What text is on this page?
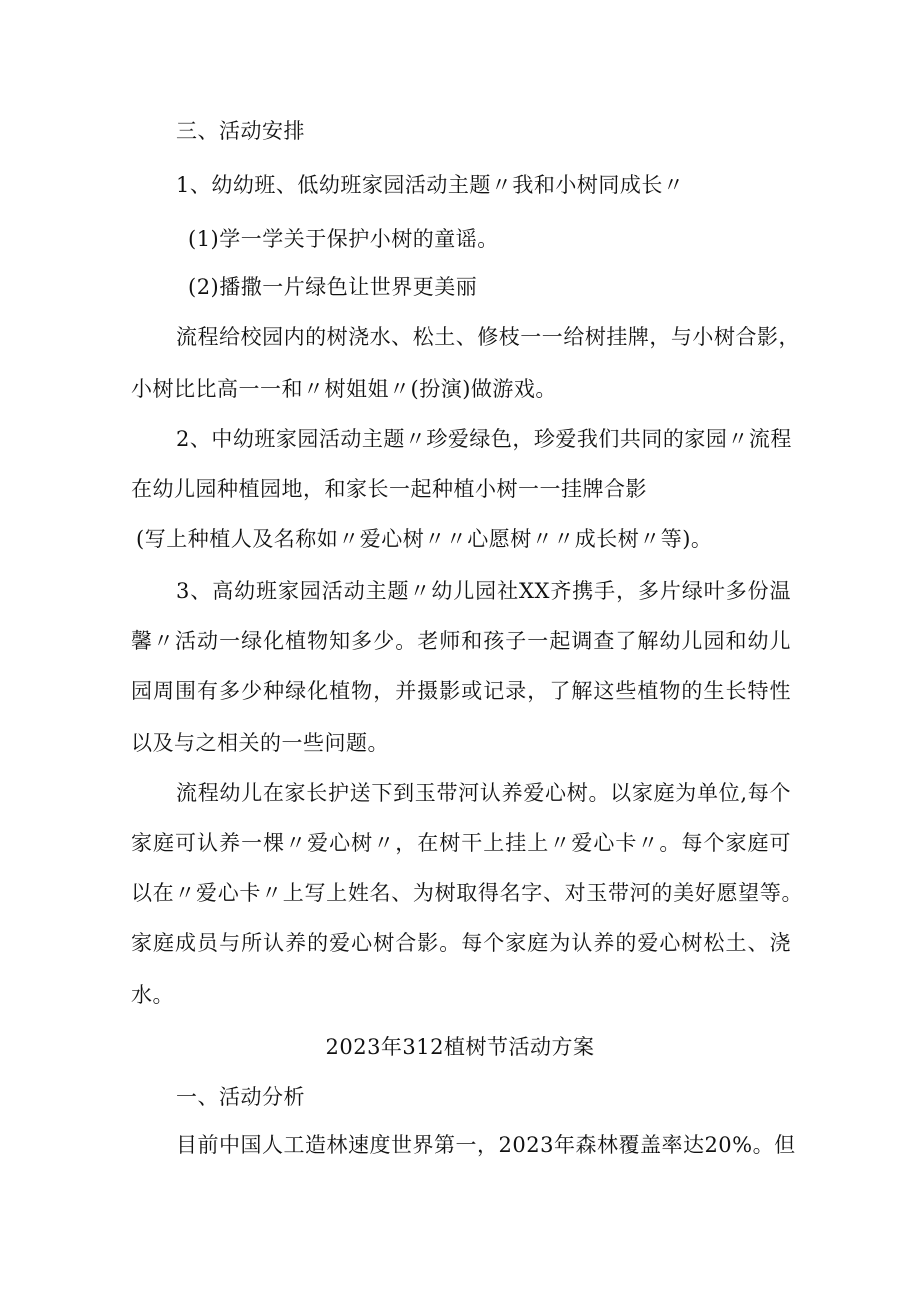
三、活动安排
1、幼幼班、低幼班家园活动主题〃我和小树同成长〃
(1)学一学关于保护小树的童谣。
(2)播撒一片绿色让世界更美丽
流程给校园内的树浇水、松土、修枝一一给树挂牌，与小树合影，
小树比比高一一和〃树姐姐〃(扮演)做游戏。
2、中幼班家园活动主题〃珍爱绿色，珍爱我们共同的家园〃流程
在幼儿园种植园地，和家长一起种植小树一一挂牌合影
(写上种植人及名称如〃爱心树〃〃心愿树〃〃成长树〃等)。
3、高幼班家园活动主题〃幼儿园社XX齐携手，多片绿叶多份温
馨〃活动一绿化植物知多少。老师和孩子一起调查了解幼儿园和幼儿
园周围有多少种绿化植物，并摄影或记录，了解这些植物的生长特性
以及与之相关的一些问题。
流程幼儿在家长护送下到玉带河认养爱心树。以家庭为单位,每个
家庭可认养一棵〃爱心树〃，在树干上挂上〃爱心卡〃。每个家庭可
以在〃爱心卡〃上写上姓名、为树取得名字、对玉带河的美好愿望等。
家庭成员与所认养的爱心树合影。每个家庭为认养的爱心树松土、浇
水。
2023年312植树节活动方案
一、活动分析
目前中国人工造林速度世界第一，2023年森林覆盖率达20%。但
